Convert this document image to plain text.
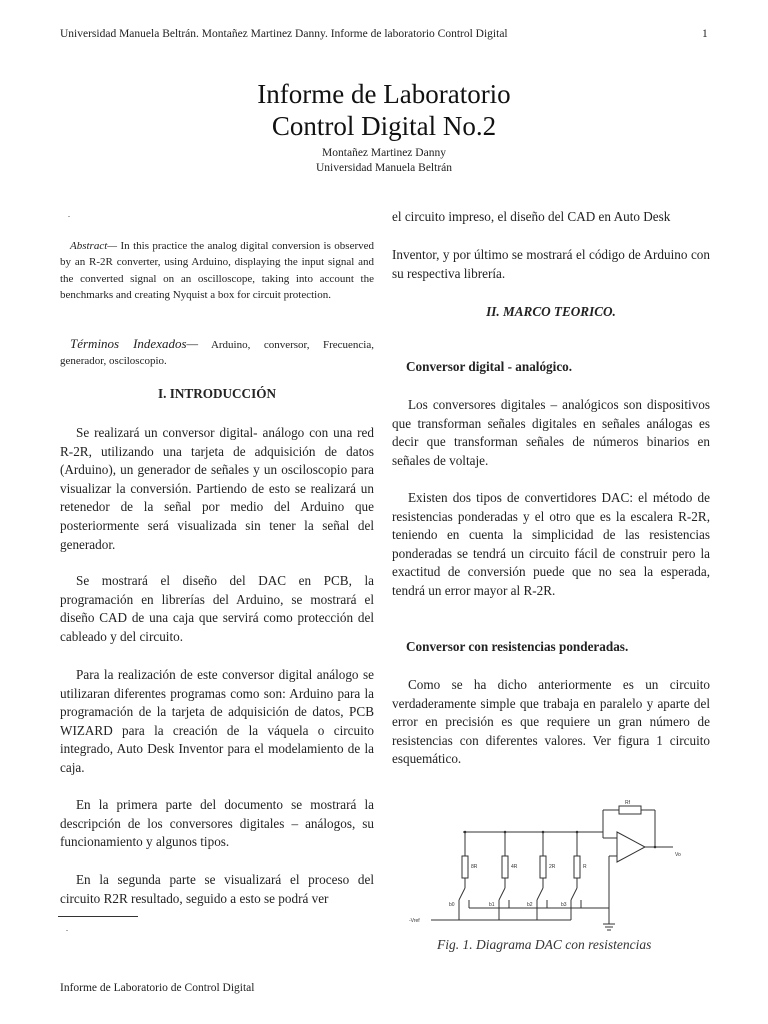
Universidad Manuela Beltrán. Montañez Martinez Danny. Informe de laboratorio Control Digital	1
Informe de Laboratorio
Control Digital No.2
Montañez Martinez Danny
Universidad Manuela Beltrán
.
Abstract— In this practice the analog digital conversion is observed by an R-2R converter, using Arduino, displaying the input signal and the converted signal on an oscilloscope, taking into account the benchmarks and creating Nyquist a box for circuit protection.
Términos Indexados— Arduino, conversor, Frecuencia, generador, osciloscopio.
I. INTRODUCCIÓN
Se realizará un conversor digital- análogo con una red R-2R, utilizando una tarjeta de adquisición de datos (Arduino), un generador de señales y un osciloscopio para visualizar la conversión. Partiendo de esto se realizará un retenedor de la señal por medio del Arduino que posteriormente será visualizada sin tener la señal del generador.
Se mostrará el diseño del DAC en PCB, la programación en librerías del Arduino, se mostrará el diseño CAD de una caja que servirá como protección del cableado y del circuito.
Para la realización de este conversor digital análogo se utilizaran diferentes programas como son: Arduino para la programación de la tarjeta de adquisición de datos, PCB WIZARD para la creación de la váquela o circuito integrado, Auto Desk Inventor para el modelamiento de la caja.
En la primera parte del documento se mostrará la descripción de los conversores digitales – análogos, su funcionamiento y algunos tipos.
En la segunda parte se visualizará el proceso del circuito R2R resultado, seguido a esto se podrá ver
.
el circuito impreso, el diseño del CAD en Auto Desk
Inventor, y por último se mostrará el código de Arduino con su respectiva librería.
II. MARCO TEORICO.
Conversor digital - analógico.
Los conversores digitales – analógicos son dispositivos que transforman señales digitales en señales análogas es decir que transforman señales de números binarios en señales de voltaje.
Existen dos tipos de convertidores DAC: el método de resistencias ponderadas y el otro que es la escalera R-2R, teniendo en cuenta la simplicidad de las resistencias ponderadas se tendrá un circuito fácil de construir pero la exactitud de conversión puede que no sea la esperada, tendrá un error mayor al R-2R.
Conversor con resistencias ponderadas.
Como se ha dicho anteriormente es un circuito verdaderamente simple que trabaja en paralelo y aparte del error en precisión es que requiere un gran número de resistencias con diferentes valores. Ver figura 1 circuito esquemático.
8R	4R	2R	R
Rf
b0	b1	b2	b3
-Vref
Vo
Fig. 1. Diagrama DAC con resistencias
Informe de Laboratorio de Control Digital
